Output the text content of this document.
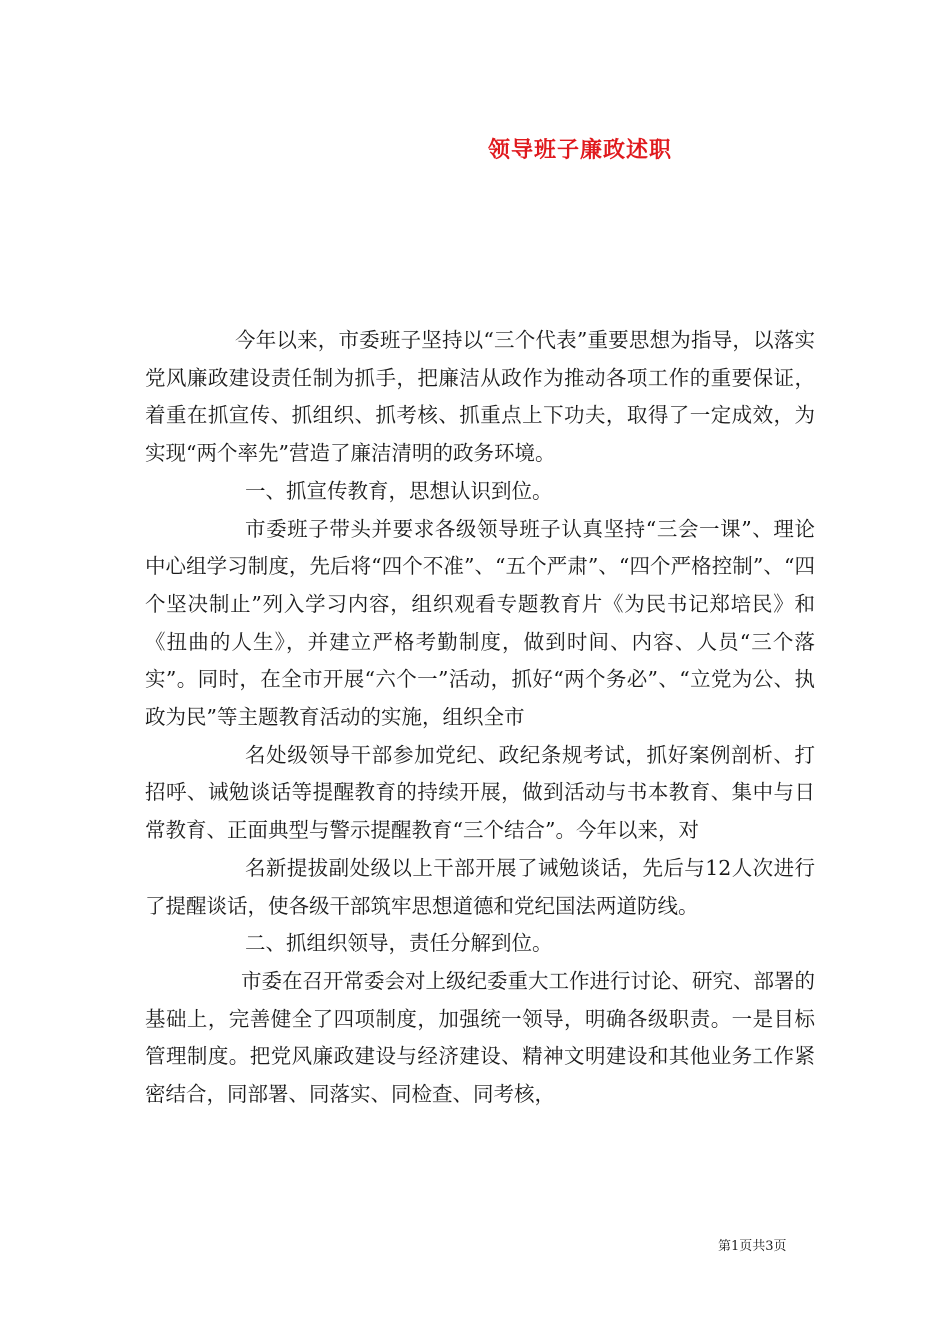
领导班子廉政述职

今年以来，市委班子坚持以“三个代表”重要思想为指导，以落实党风廉政建设责任制为抓手，把廉洁从政作为推动各项工作的重要保证，着重在抓宣传、抓组织、抓考核、抓重点上下功夫，取得了一定成效，为实现“两个率先”营造了廉洁清明的政务环境。

一、抓宣传教育，思想认识到位。

市委班子带头并要求各级领导班子认真坚持“三会一课”、理论中心组学习制度，先后将“四个不准”、“五个严肃”、“四个严格控制”、“四个坚决制止”列入学习内容，组织观看专题教育片《为民书记郑培民》和《扭曲的人生》，并建立严格考勤制度，做到时间、内容、人员“三个落实”。同时，在全市开展“六个一”活动，抓好“两个务必”、“立党为公、执政为民”等主题教育活动的实施，组织全市

名处级领导干部参加党纪、政纪条规考试，抓好案例剖析、打招呼、诫勉谈话等提醒教育的持续开展，做到活动与书本教育、集中与日常教育、正面典型与警示提醒教育“三个结合”。今年以来，对

名新提拔副处级以上干部开展了诫勉谈话，先后与12人次进行了提醒谈话，使各级干部筑牢思想道德和党纪国法两道防线。

二、抓组织领导，责任分解到位。

市委在召开常委会对上级纪委重大工作进行讨论、研究、部署的基础上，完善健全了四项制度，加强统一领导，明确各级职责。一是目标管理制度。把党风廉政建设与经济建设、精神文明建设和其他业务工作紧密结合，同部署、同落实、同检查、同考核，

第1页共3页
